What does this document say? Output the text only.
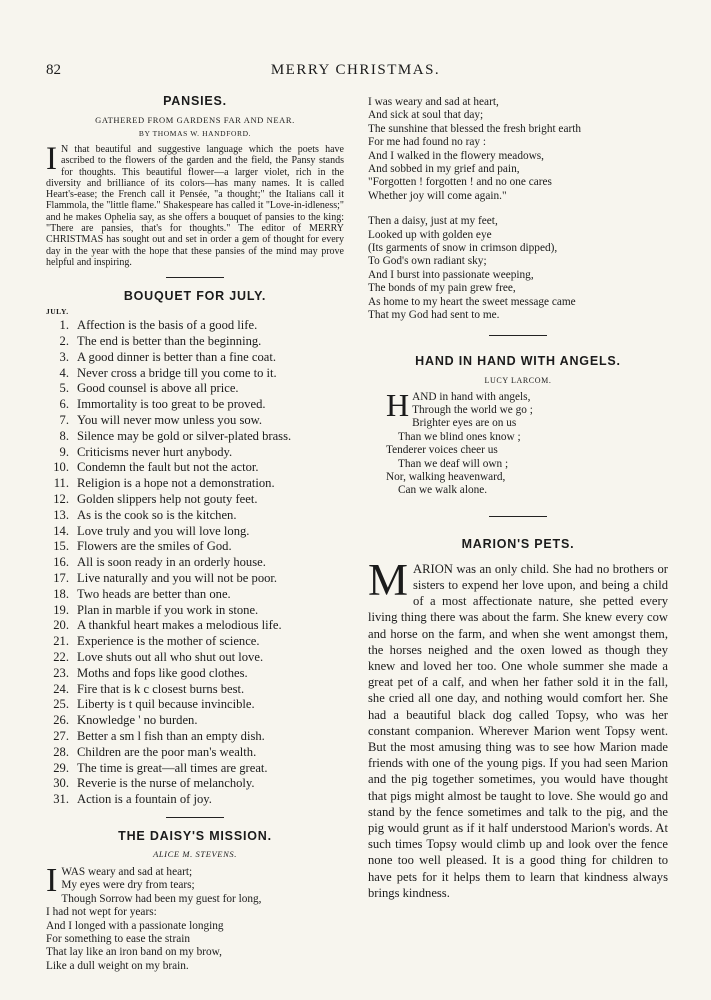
82	MERRY CHRISTMAS.
PANSIES.
GATHERED FROM GARDENS FAR AND NEAR.
BY THOMAS W. HANDFORD.

I N that beautiful and suggestive language which the poets have ascribed to the flowers of the garden and the field, the Pansy stands for thoughts. This beautiful flower—a larger violet, rich in the diversity and brilliance of its colors—has many names. It is called Heart's-ease; the French call it Pensée, "a thought;" the Italians call it Flammola, the "little flame." Shakespeare has called it "Love-in-idleness;" and he makes Ophelia say, as she offers a bouquet of pansies to the king: "There are pansies, that's for thoughts." The editor of MERRY CHRISTMAS has sought out and set in order a gem of thought for every day in the year with the hope that these pansies of the mind may prove helpful and inspiring.

BOUQUET FOR JULY.
JULY.
1. Affection is the basis of a good life.
2. The end is better than the beginning.
3. A good dinner is better than a fine coat.
4. Never cross a bridge till you come to it.
5. Good counsel is above all price.
6. Immortality is too great to be proved.
7. You will never mow unless you sow.
8. Silence may be gold or silver-plated brass.
9. Criticisms never hurt anybody.
10. Condemn the fault but not the actor.
11. Religion is a hope not a demonstration.
12. Golden slippers help not gouty feet.
13. As is the cook so is the kitchen.
14. Love truly and you will love long.
15. Flowers are the smiles of God.
16. All is soon ready in an orderly house.
17. Live naturally and you will not be poor.
18. Two heads are better than one.
19. Plan in marble if you work in stone.
20. A thankful heart makes a melodious life.
21. Experience is the mother of science.
22. Love shuts out all who shut out love.
23. Moths and fops like good clothes.
24. Fire that is k c closest burns best.
25. Liberty is t quil because invincible.
26. Knowledge ' no burden.
27. Better a sm l fish than an empty dish.
28. Children are the poor man's wealth.
29. The time is great—all times are great.
30. Reverie is the nurse of melancholy.
31. Action is a fountain of joy.
THE DAISY'S MISSION.
ALICE M. STEVENS.
I WAS weary and sad at heart;
My eyes were dry from tears;
Though Sorrow had been my guest for long,
I had not wept for years:
And I longed with a passionate longing
For something to ease the strain
That lay like an iron band on my brow,
Like a dull weight on my brain.
I was weary and sad at heart,
And sick at soul that day;
The sunshine that blessed the fresh bright earth
For me had found no ray :
And I walked in the flowery meadows,
And sobbed in my grief and pain,
"Forgotten ! forgotten ! and no one cares
Whether joy will come again."
Then a daisy, just at my feet,
Looked up with golden eye
(Its garments of snow in crimson dipped),
To God's own radiant sky;
And I burst into passionate weeping,
The bonds of my pain grew free,
As home to my heart the sweet message came
That my God had sent to me.
HAND IN HAND WITH ANGELS.
LUCY LARCOM.
H AND in hand with angels,
Through the world we go ;
Brighter eyes are on us
Than we blind ones know ;
Tenderer voices cheer us
Than we deaf will own ;
Nor, walking heavenward,
Can we walk alone.
MARION'S PETS.

M ARION was an only child. She had no brothers or sisters to expend her love upon, and being a child of a most affectionate nature, she petted every living thing there was about the farm. She knew every cow and horse on the farm, and when she went amongst them, the horses neighed and the oxen lowed as though they knew and loved her too. One whole summer she made a great pet of a calf, and when her father sold it in the fall, she cried all one day, and nothing would comfort her. She had a beautiful black dog called Topsy, who was her constant companion. Wherever Marion went Topsy went. But the most amusing thing was to see how Marion made friends with one of the young pigs. If you had seen Marion and the pig together sometimes, you would have thought that pigs might almost be taught to love. She would go and stand by the fence sometimes and talk to the pig, and the pig would grunt as if it half understood Marion's words. At such times Topsy would climb up and look over the fence none too well pleased. It is a good thing for children to have pets for it helps them to learn that kindness always brings kindness.
